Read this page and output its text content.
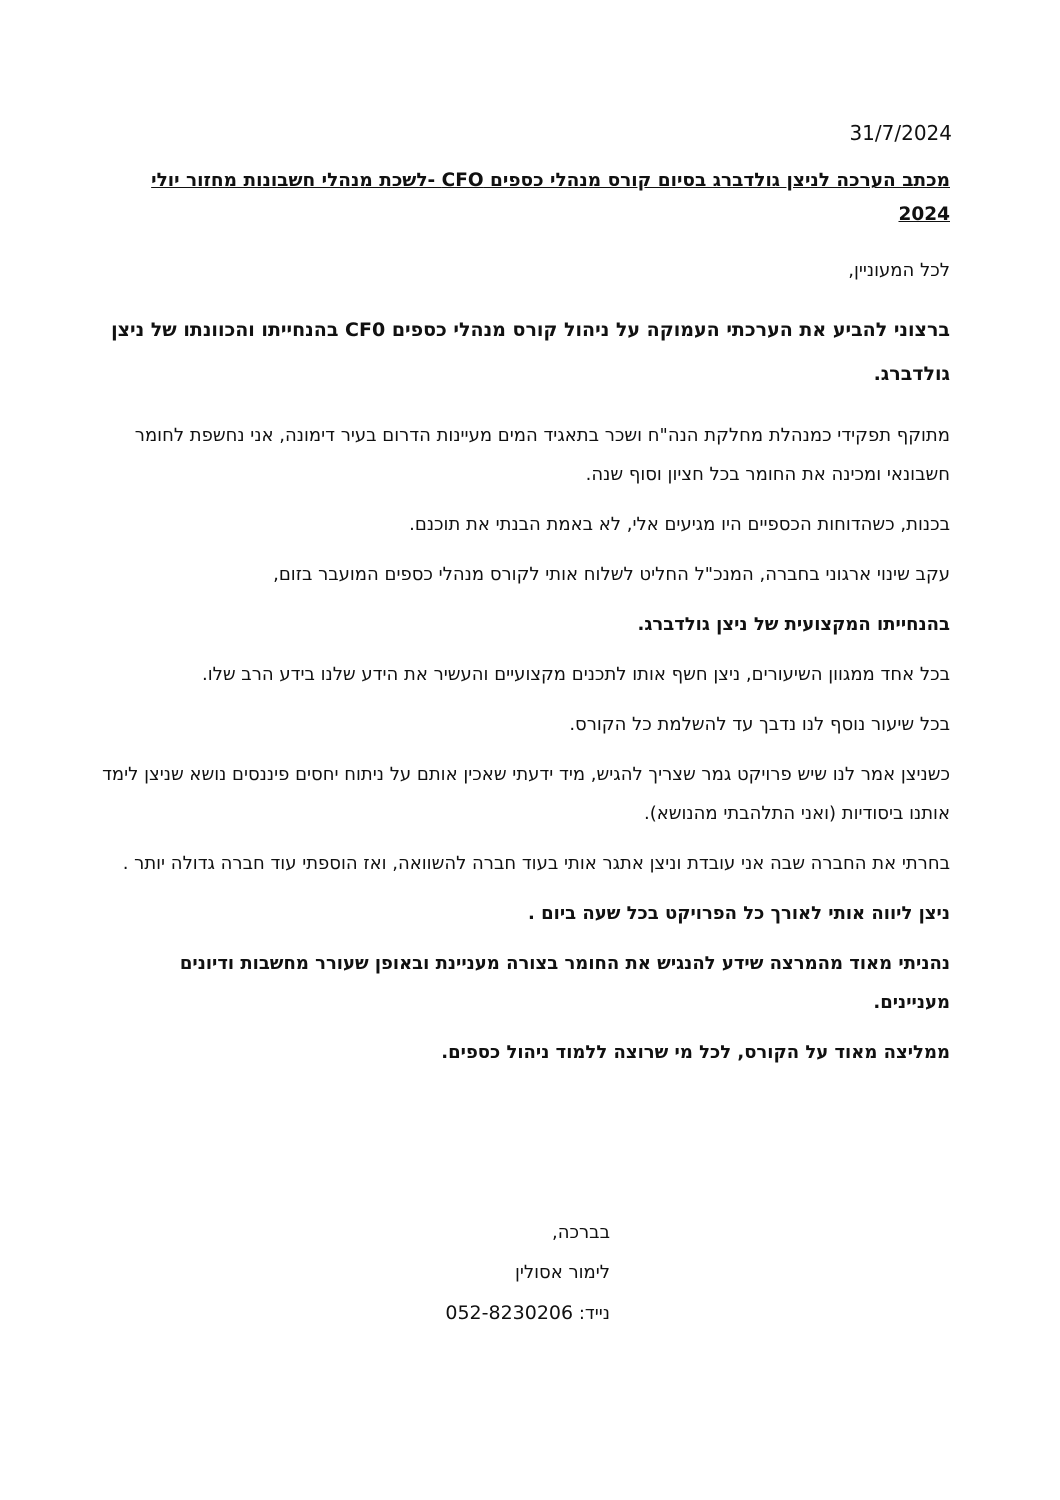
31/7/2024

מכתב הערכה לניצן גולדברג בסיום קורס מנהלי כספים CFO -לשכת מנהלי חשבונות מחזור יולי 2024

לכל המעוניין,

ברצוני להביע את הערכתי העמוקה על ניהול קורס מנהלי כספים CF0 בהנחייתו והכוונתו של ניצן גולדברג.

מתוקף תפקידי כמנהלת מחלקת הנה"ח ושכר בתאגיד המים מעיינות הדרום בעיר דימונה, אני נחשפת לחומר חשבונאי ומכינה את החומר בכל חציון וסוף שנה.

בכנות, כשהדוחות הכספיים היו מגיעים אלי, לא באמת הבנתי את תוכנם.

עקב שינוי ארגוני בחברה, המנכ"ל החליט לשלוח אותי לקורס מנהלי כספים המועבר בזום,

בהנחייתו המקצועית של ניצן גולדברג.

בכל אחד ממגוון השיעורים, ניצן חשף אותו לתכנים מקצועיים והעשיר את הידע שלנו בידע הרב שלו.

בכל שיעור נוסף לנו נדבך עד להשלמת כל הקורס.

כשניצן אמר לנו שיש פרויקט גמר שצריך להגיש, מיד ידעתי שאכין אותם על ניתוח יחסים פיננסים נושא שניצן לימד אותנו ביסודיות (ואני התלהבתי מהנושא).

בחרתי את החברה שבה אני עובדת וניצן אתגר אותי בעוד חברה להשוואה, ואז הוספתי עוד חברה גדולה יותר .

ניצן ליווה אותי לאורך כל הפרויקט בכל שעה ביום .

נהניתי מאוד מהמרצה שידע להנגיש את החומר בצורה מעניינת ובאופן שעורר מחשבות ודיונים מעניינים.

ממליצה מאוד על הקורס, לכל מי שרוצה ללמוד ניהול כספים.

בברכה,
לימור אסולין
נייד: 052-8230206
